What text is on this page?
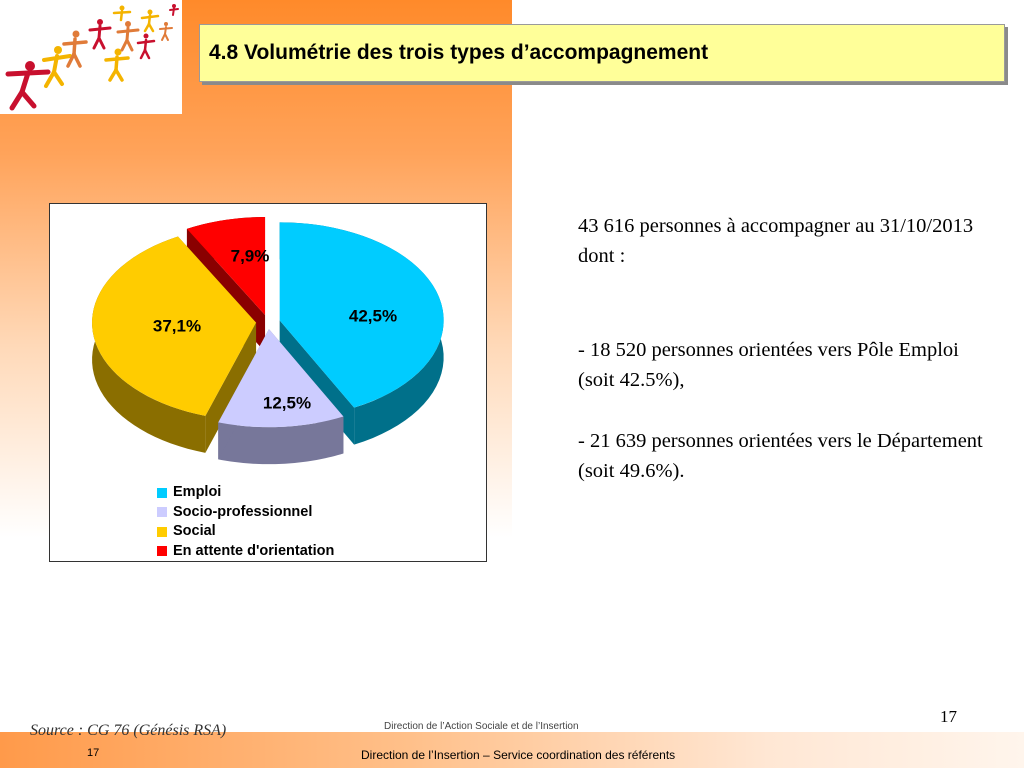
4.8 Volumétrie des trois types d’accompagnement
42,5%
12,5%
37,1%
7,9%
Emploi
Socio-professionnel
Social
En attente d'orientation
43 616 personnes à accompagner au 31/10/2013 dont :
- 18 520 personnes orientées vers Pôle Emploi (soit 42.5%),
- 21 639 personnes orientées vers le Département (soit 49.6%).
17
Source : CG 76 (Génésis RSA)	Direction de l’Action Sociale et de l’Insertion
17	Direction de l’Insertion – Service coordination des référents
